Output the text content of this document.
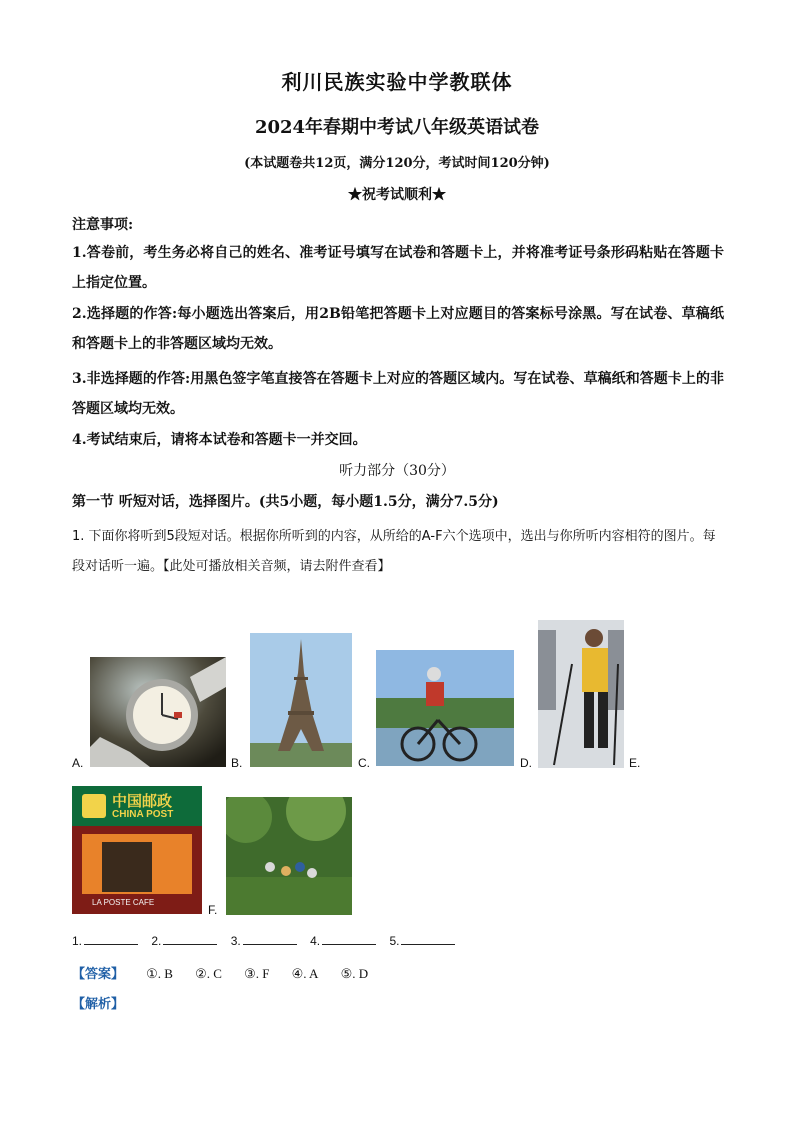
利川民族实验中学教联体
2024年春期中考试八年级英语试卷
(本试题卷共12页，满分120分，考试时间120分钟)
★祝考试顺利★
注意事项:
1.答卷前，考生务必将自己的姓名、准考证号填写在试卷和答题卡上，并将准考证号条形码粘贴在答题卡上指定位置。
2.选择题的作答:每小题选出答案后，用2B铅笔把答题卡上对应题目的答案标号涂黑。写在试卷、草稿纸和答题卡上的非答题区域均无效。
3.非选择题的作答:用黑色签字笔直接答在答题卡上对应的答题区域内。写在试卷、草稿纸和答题卡上的非答题区域均无效。
4.考试结束后，请将本试卷和答题卡一并交回。
听力部分（30分）
第一节 听短对话，选择图片。(共5小题，每小题1.5分，满分7.5分)
1. 下面你将听到5段短对话。根据你所听到的内容，从所给的A-F六个选项中，选出与你所听内容相符的图片。每段对话听一遍。【此处可播放相关音频，请去附件查看】
A.	B.	C.	D.	E.
中国邮政
CHINA POST
LA POSTE CAFE
F.
1.	2.	3.	4.	5.
【答案】 ①. B ②. C ③. F ④. A ⑤. D
【解析】
